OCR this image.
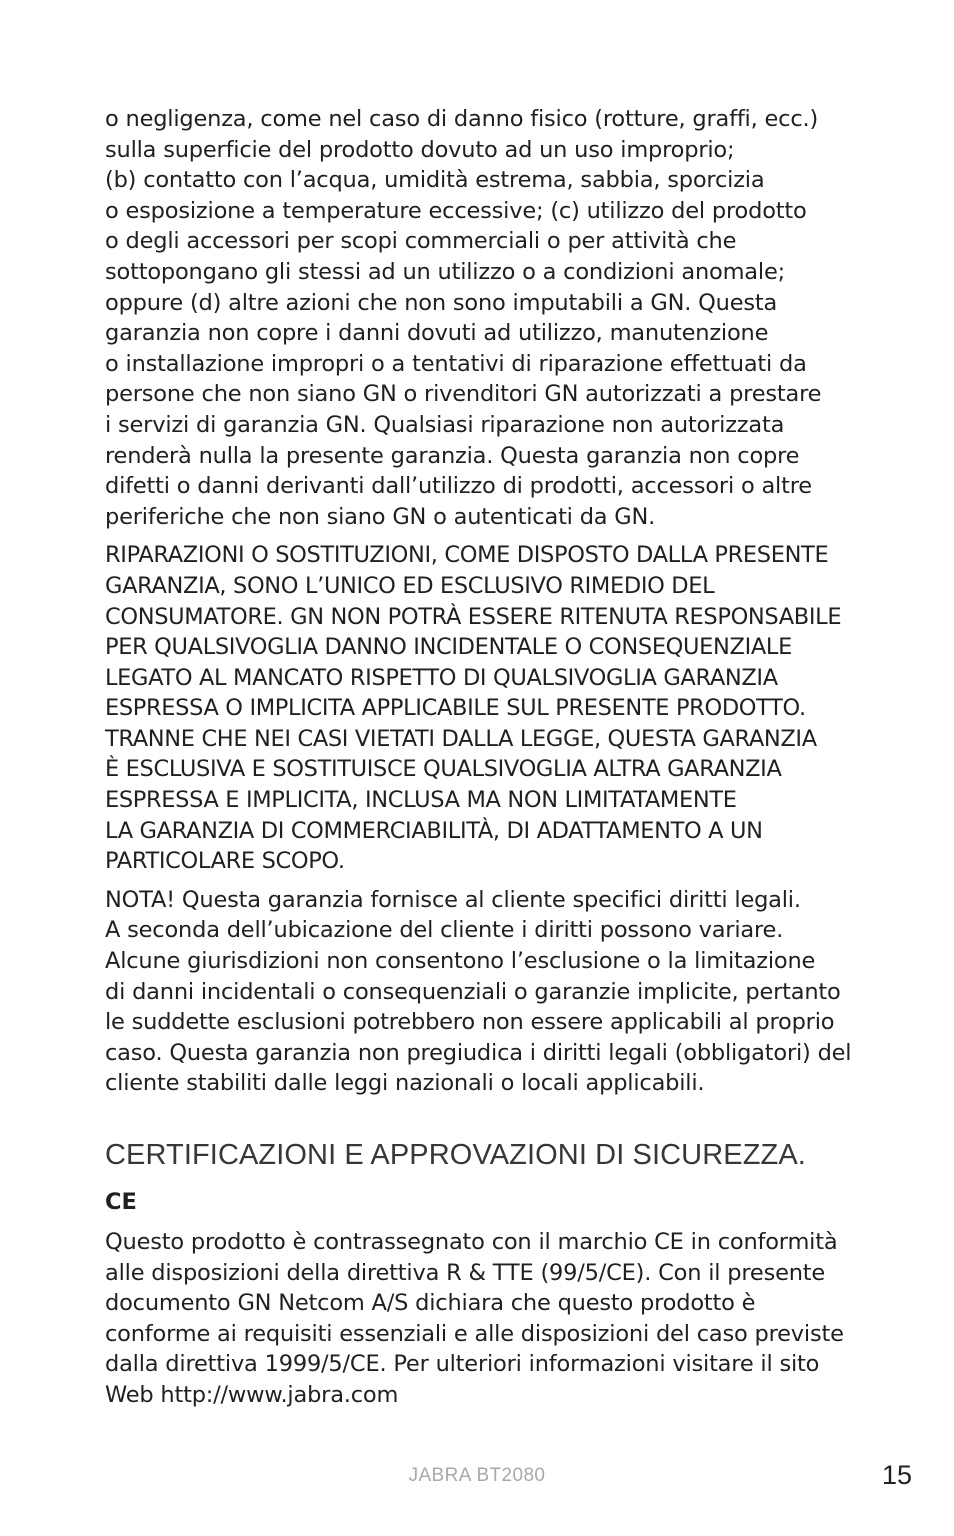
o negligenza, come nel caso di danno fisico (rotture, graffi, ecc.)
sulla superficie del prodotto dovuto ad un uso improprio;
(b) contatto con l’acqua, umidità estrema, sabbia, sporcizia
o esposizione a temperature eccessive; (c) utilizzo del prodotto
o degli accessori per scopi commerciali o per attività che
sottopongano gli stessi ad un utilizzo o a condizioni anomale;
oppure (d) altre azioni che non sono imputabili a GN. Questa
garanzia non copre i danni dovuti ad utilizzo, manutenzione
o installazione impropri o a tentativi di riparazione effettuati da
persone che non siano GN o rivenditori GN autorizzati a prestare
i servizi di garanzia GN. Qualsiasi riparazione non autorizzata
renderà nulla la presente garanzia. Questa garanzia non copre
difetti o danni derivanti dall’utilizzo di prodotti, accessori o altre
periferiche che non siano GN o autenticati da GN.
RIPARAZIONI O SOSTITUZIONI, COME DISPOSTO DALLA PRESENTE
GARANZIA, SONO L’UNICO ED ESCLUSIVO RIMEDIO DEL
CONSUMATORE. GN NON POTRÀ ESSERE RITENUTA RESPONSABILE
PER QUALSIVOGLIA DANNO INCIDENTALE O CONSEQUENZIALE
LEGATO AL MANCATO RISPETTO DI QUALSIVOGLIA GARANZIA
ESPRESSA O IMPLICITA APPLICABILE SUL PRESENTE PRODOTTO.
TRANNE CHE NEI CASI VIETATI DALLA LEGGE, QUESTA GARANZIA
È ESCLUSIVA E SOSTITUISCE QUALSIVOGLIA ALTRA GARANZIA
ESPRESSA E IMPLICITA, INCLUSA MA NON LIMITATAMENTE
LA GARANZIA DI COMMERCIABILITÀ, DI ADATTAMENTO A UN
PARTICOLARE SCOPO.
NOTA! Questa garanzia fornisce al cliente specifici diritti legali.
A seconda dell’ubicazione del cliente i diritti possono variare.
Alcune giurisdizioni non consentono l’esclusione o la limitazione
di danni incidentali o consequenziali o garanzie implicite, pertanto
le suddette esclusioni potrebbero non essere applicabili al proprio
caso. Questa garanzia non pregiudica i diritti legali (obbligatori) del
cliente stabiliti dalle leggi nazionali o locali applicabili.
CERTIFICAZIONI E APPROVAZIONI DI SICUREZZA.
CE
Questo prodotto è contrassegnato con il marchio CE in conformità
alle disposizioni della direttiva R & TTE (99/5/CE). Con il presente
documento GN Netcom A/S dichiara che questo prodotto è
conforme ai requisiti essenziali e alle disposizioni del caso previste
dalla direttiva 1999/5/CE. Per ulteriori informazioni visitare il sito
Web http://www.jabra.com
JABRA BT2080	15
